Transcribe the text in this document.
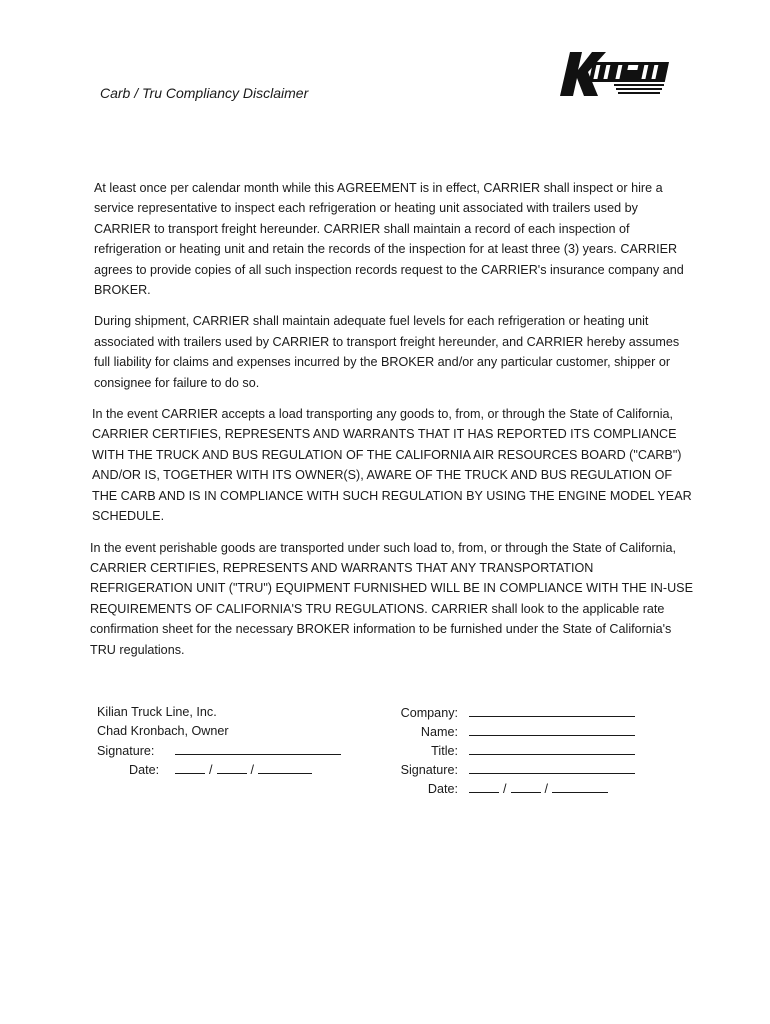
Carb / Tru Compliancy Disclaimer

At least once per calendar month while this AGREEMENT is in effect, CARRIER shall inspect or hire a service representative to inspect each refrigeration or heating unit associated with trailers used by CARRIER to transport freight hereunder. CARRIER shall maintain a record of each inspection of refrigeration or heating unit and retain the records of the inspection for at least three (3) years. CARRIER agrees to provide copies of all such inspection records request to the CARRIER's insurance company and BROKER.

During shipment, CARRIER shall maintain adequate fuel levels for each refrigeration or heating unit associated with trailers used by CARRIER to transport freight hereunder, and CARRIER hereby assumes full liability for claims and expenses incurred by the BROKER and/or any particular customer, shipper or consignee for failure to do so.

In the event CARRIER accepts a load transporting any goods to, from, or through the State of California, CARRIER CERTIFIES, REPRESENTS AND WARRANTS THAT IT HAS REPORTED ITS COMPLIANCE WITH THE TRUCK AND BUS REGULATION OF THE CALIFORNIA AIR RESOURCES BOARD ("CARB") AND/OR IS, TOGETHER WITH ITS OWNER(S), AWARE OF THE TRUCK AND BUS REGULATION OF THE CARB AND IS IN COMPLIANCE WITH SUCH REGULATION BY USING THE ENGINE MODEL YEAR SCHEDULE.

In the event perishable goods are transported under such load to, from, or through the State of California, CARRIER CERTIFIES, REPRESENTS AND WARRANTS THAT ANY TRANSPORTATION REFRIGERATION UNIT ("TRU") EQUIPMENT FURNISHED WILL BE IN COMPLIANCE WITH THE IN-USE REQUIREMENTS OF CALIFORNIA'S TRU REGULATIONS. CARRIER shall look to the applicable rate confirmation sheet for the necessary BROKER information to be furnished under the State of California's TRU regulations.

Kilian Truck Line, Inc.
Chad Kronbach, Owner
Signature:
Date:	/	/
Company:
Name:
Title:
Signature:
Date:	/	/
